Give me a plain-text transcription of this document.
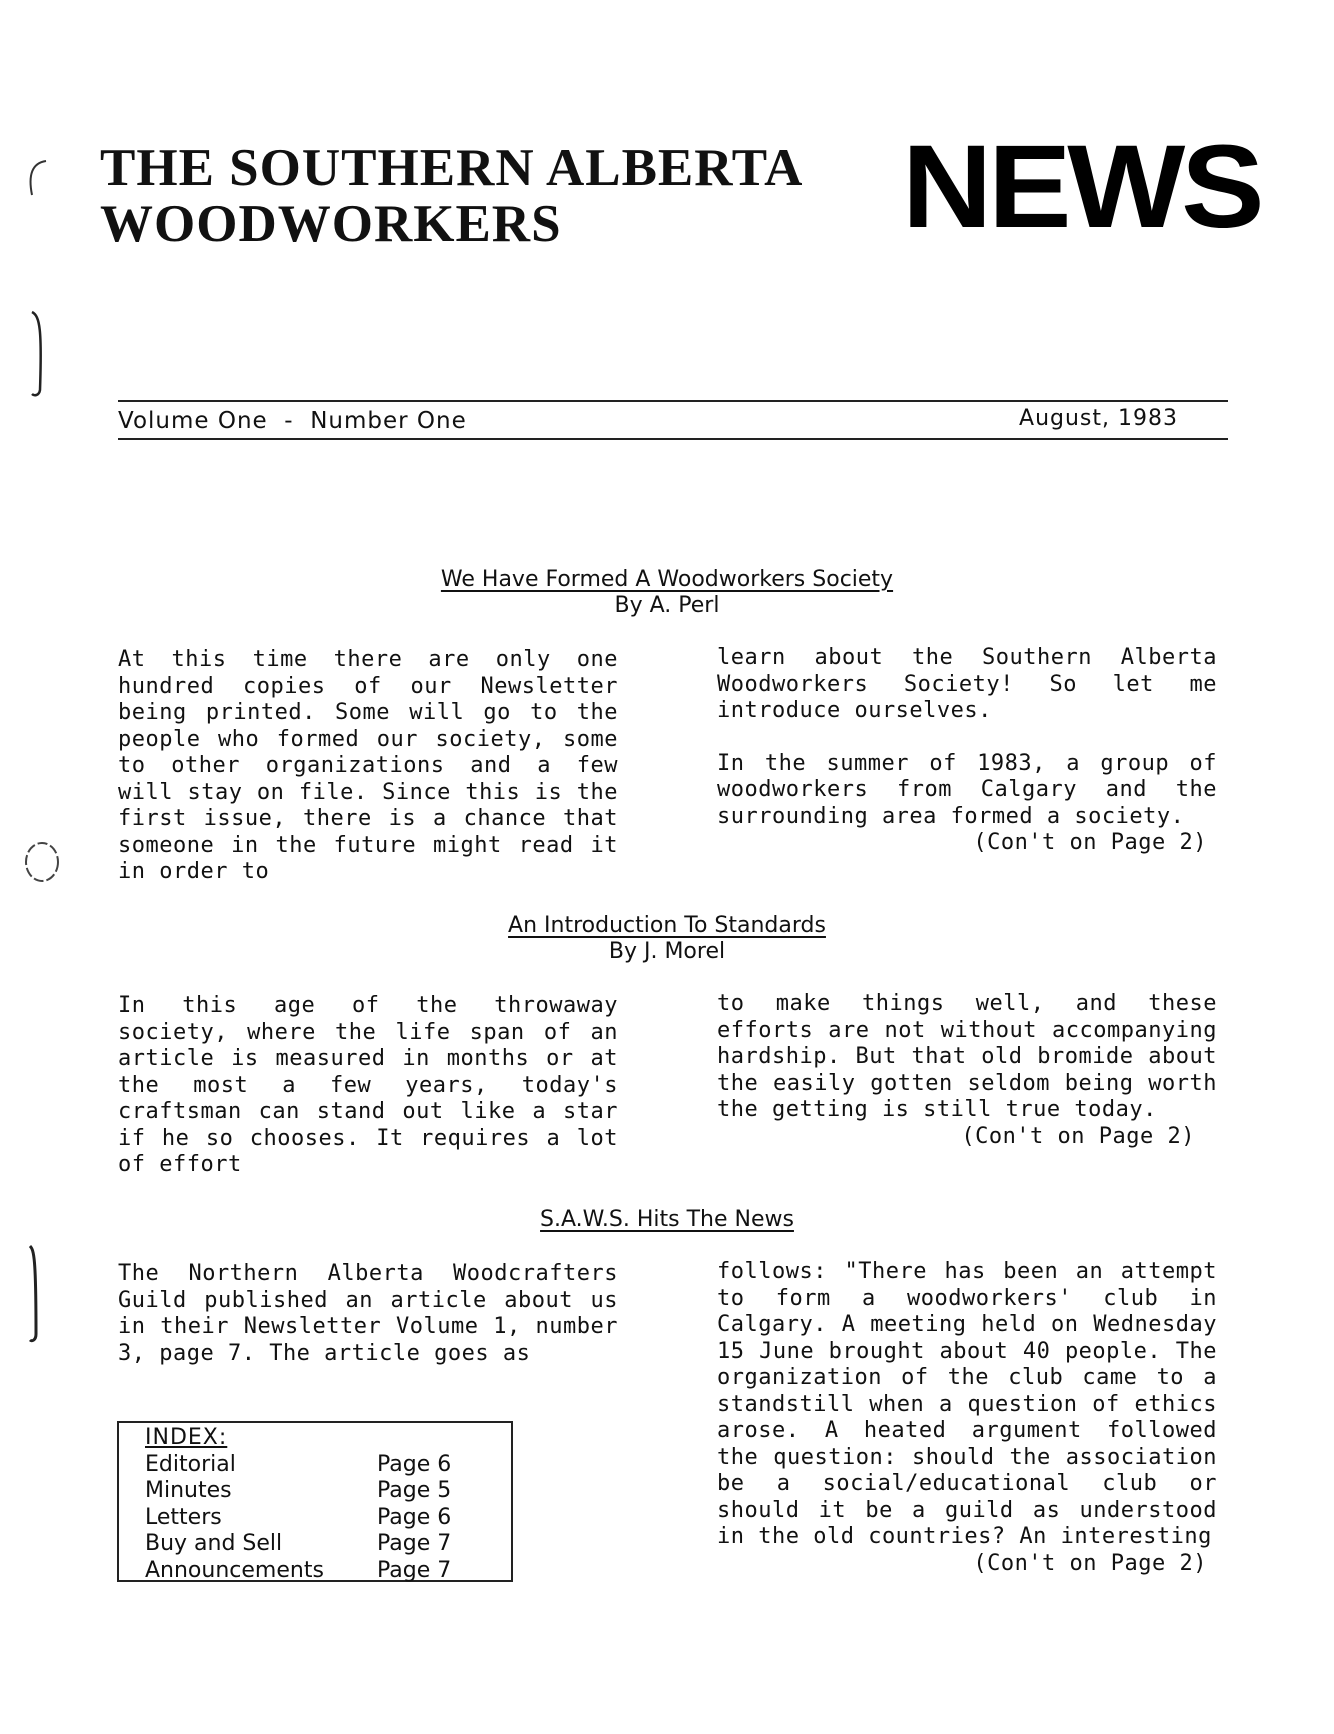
THE SOUTHERN ALBERTA
WOODWORKERS	NEWS
Volume One  -  Number One	August, 1983
We Have Formed A Woodworkers Society
By A. Perl

At this time there are only one hundred copies of our Newsletter being printed. Some will go to the people who formed our society, some to other organizations and a few will stay on file. Since this is the first issue, there is a chance that someone in the future might read it in order to

learn about the Southern Alberta Woodworkers Society! So let me introduce ourselves.

In the summer of 1983, a group of woodworkers from Calgary and the surrounding area formed a society.

(Con't on Page 2)
An Introduction To Standards
By J. Morel

In this age of the throwaway society, where the life span of an article is measured in months or at the most a few years, today's craftsman can stand out like a star if he so chooses. It requires a lot of effort

to make things well, and these efforts are not without accompanying hardship. But that old bromide about the easily gotten seldom being worth the getting is still true today.

(Con't on Page 2)
S.A.W.S. Hits The News

The Northern Alberta Woodcrafters Guild published an article about us in their Newsletter Volume 1, number 3, page 7. The article goes as

follows: "There has been an attempt to form a woodworkers' club in Calgary. A meeting held on Wednesday 15 June brought about 40 people. The organization of the club came to a standstill when a question of ethics arose. A heated argument followed the question: should the association be a social/educational club or should it be a guild as understood in the old countries? An interesting

(Con't on Page 2)
INDEX:
Editorial	Page 6
Minutes	Page 5
Letters	Page 6
Buy and Sell	Page 7
Announcements	Page 7
